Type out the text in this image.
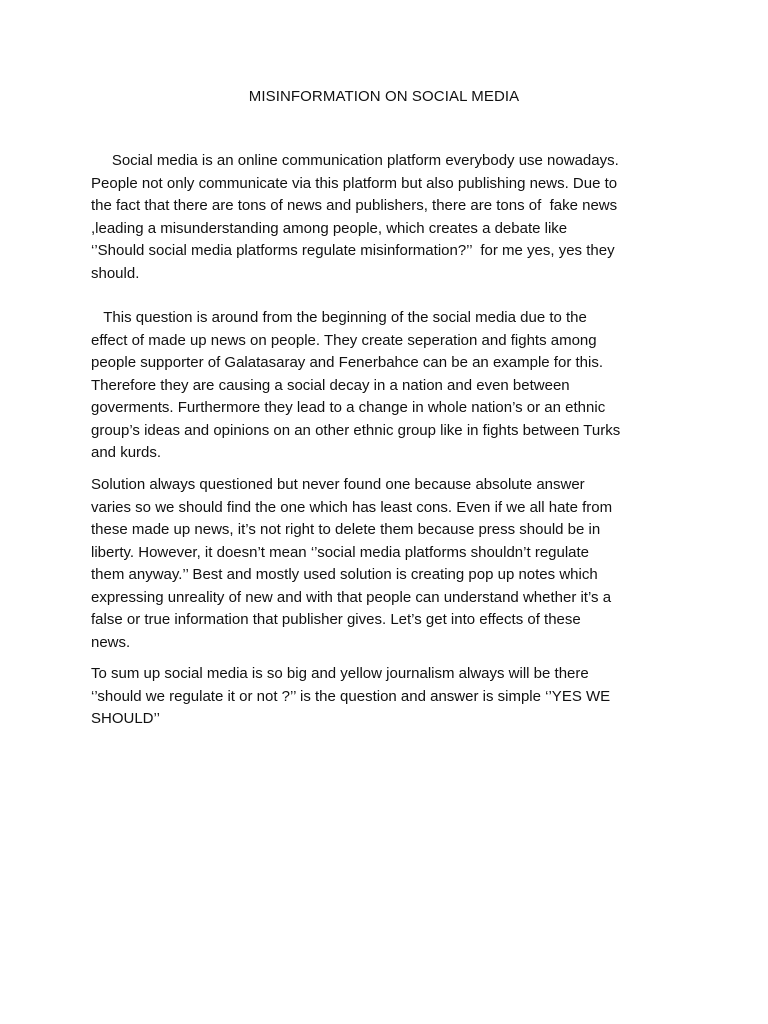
MISINFORMATION ON SOCIAL MEDIA
Social media is an online communication platform everybody use nowadays.
People not only communicate via this platform but also publishing news. Due to
the fact that there are tons of news and publishers, there are tons of  fake news
,leading a misunderstanding among people, which creates a debate like
‘’Should social media platforms regulate misinformation?’’  for me yes, yes they
should.
This question is around from the beginning of the social media due to the
effect of made up news on people. They create seperation and fights among
people supporter of Galatasaray and Fenerbahce can be an example for this.
Therefore they are causing a social decay in a nation and even between
goverments. Furthermore they lead to a change in whole nation’s or an ethnic
group’s ideas and opinions on an other ethnic group like in fights between Turks
and kurds.
Solution always questioned but never found one because absolute answer
varies so we should find the one which has least cons. Even if we all hate from
these made up news, it’s not right to delete them because press should be in
liberty. However, it doesn’t mean ‘’social media platforms shouldn’t regulate
them anyway.’’ Best and mostly used solution is creating pop up notes which
expressing unreality of new and with that people can understand whether it’s a
false or true information that publisher gives. Let’s get into effects of these
news.
To sum up social media is so big and yellow journalism always will be there
‘’should we regulate it or not ?’’ is the question and answer is simple ‘’YES WE
SHOULD’’
